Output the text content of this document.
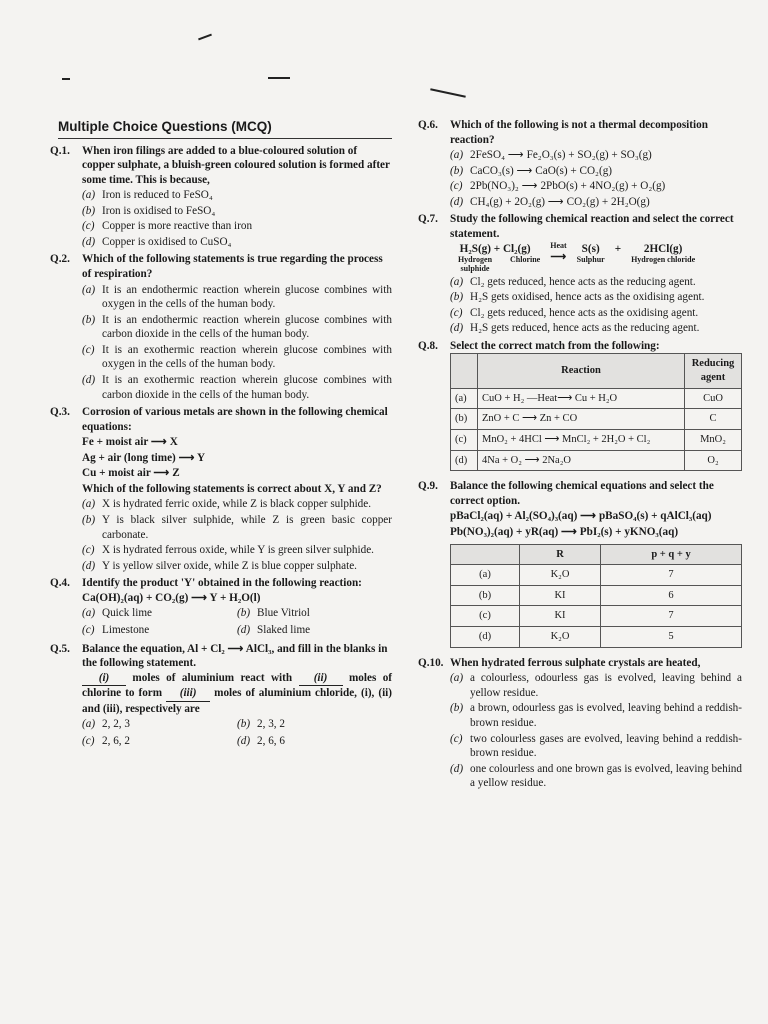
Multiple Choice Questions (MCQ)
Q.1.	When iron filings are added to a blue-coloured solution of copper sulphate, a bluish-green coloured solution is formed after some time. This is because,
(a) Iron is reduced to FeSO₄
(b) Iron is oxidised to FeSO₄
(c) Copper is more reactive than iron
(d) Copper is oxidised to CuSO₄
Q.2.	Which of the following statements is true regarding the process of respiration?
(a) It is an endothermic reaction wherein glucose combines with oxygen in the cells of the human body.
(b) It is an endothermic reaction wherein glucose combines with carbon dioxide in the cells of the human body.
(c) It is an exothermic reaction wherein glucose combines with oxygen in the cells of the human body.
(d) It is an exothermic reaction wherein glucose combines with carbon dioxide in the cells of the human body.
Q.3.	Corrosion of various metals are shown in the following chemical equations:
Fe + moist air ⟶ X
Ag + air (long time) ⟶ Y
Cu + moist air ⟶ Z
Which of the following statements is correct about X, Y and Z?
(a) X is hydrated ferric oxide, while Z is black copper sulphide.
(b) Y is black silver sulphide, while Z is green basic copper carbonate.
(c) X is hydrated ferrous oxide, while Y is green silver sulphide.
(d) Y is yellow silver oxide, while Z is blue copper sulphate.
Q.4.	Identify the product 'Y' obtained in the following reaction:
Ca(OH)₂(aq) + CO₂(g) ⟶ Y + H₂O(l)
(a) Quick lime	(b) Blue Vitriol
(c) Limestone	(d) Slaked lime
Q.5.	Balance the equation, Al + Cl₂ ⟶ AlCl₃, and fill in the blanks in the following statement.
(i) moles of aluminium react with (ii) moles of chlorine to form (iii) moles of aluminium chloride, (i), (ii) and (iii), respectively are
(a) 2, 2, 3	(b) 2, 3, 2
(c) 2, 6, 2	(d) 2, 6, 6
Q.6.	Which of the following is not a thermal decomposition reaction?
(a) 2FeSO₄ ⟶ Fe₂O₃(s) + SO₂(g) + SO₃(g)
(b) CaCO₃(s) ⟶ CaO(s) + CO₂(g)
(c) 2Pb(NO₃)₂ ⟶ 2PbO(s) + 4NO₂(g) + O₂(g)
(d) CH₄(g) + 2O₂(g) ⟶ CO₂(g) + 2H₂O(g)
Q.7.	Study the following chemical reaction and select the correct statement.
H₂S(g) + Cl₂(g)
Hydrogen sulphide
Chlorine
Heat
⟶
S(s)
Sulphur
+	2HCl(g)
Hydrogen chloride
(a) Cl₂ gets reduced, hence acts as the reducing agent.
(b) H₂S gets oxidised, hence acts as the oxidising agent.
(c) Cl₂ gets reduced, hence acts as the oxidising agent.
(d) H₂S gets reduced, hence acts as the reducing agent.
Q.8.	Select the correct match from the following:
	Reaction	Reducing agent
(a)	CuO + H₂ —Heat⟶ Cu + H₂O	CuO
(b)	ZnO + C ⟶ Zn + CO	C
(c)	MnO₂ + 4HCl ⟶ MnCl₂ + 2H₂O + Cl₂	MnO₂
(d)	4Na + O₂ ⟶ 2Na₂O	O₂
Q.9.	Balance the following chemical equations and select the correct option.
pBaCl₂(aq) + Al₂(SO₄)₃(aq) ⟶ pBaSO₄(s) + qAlCl₃(aq)
Pb(NO₃)₂(aq) + yR(aq) ⟶ PbI₂(s) + yKNO₃(aq)
	R	p + q + y
(a)	K₂O	7
(b)	KI	6
(c)	KI	7
(d)	K₂O	5
Q.10. When hydrated ferrous sulphate crystals are heated,
(a) a colourless, odourless gas is evolved, leaving behind a yellow residue.
(b) a brown, odourless gas is evolved, leaving behind a reddish-brown residue.
(c) two colourless gases are evolved, leaving behind a reddish-brown residue.
(d) one colourless and one brown gas is evolved, leaving behind a yellow residue.
